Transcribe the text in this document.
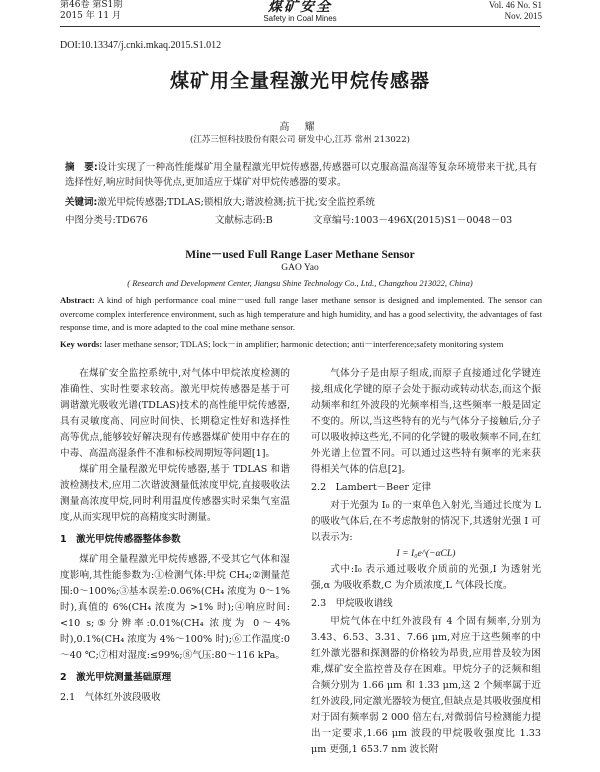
第46卷 第S1期
2015 年 11 月
煤矿安全
Safety in Coal Mines
Vol. 46 No. S1
Nov. 2015
DOI:10.13347/j.cnki.mkaq.2015.S1.012
煤矿用全量程激光甲烷传感器
高 耀
(江苏三恒科技股份有限公司 研发中心,江苏 常州 213022)
摘　要:设计实现了一种高性能煤矿用全量程激光甲烷传感器,传感器可以克服高温高湿等复杂环境带来干扰,具有选择性好,响应时间快等优点,更加适应于煤矿对甲烷传感器的要求。
关键词:激光甲烷传感器;TDLAS;锁相放大;谐波检测;抗干扰;安全监控系统
中图分类号:TD676	文献标志码:B	文章编号:1003－496X(2015)S1－0048－03
Mine－used Full Range Laser Methane Sensor
GAO Yao
( Research and Development Center, Jiangsu Shine Technology Co., Ltd., Changzhou 213022, China)
Abstract: A kind of high performance coal mine－used full range laser methane sensor is designed and implemented. The sensor can overcome complex interference environment, such as high temperature and high humidity, and has a good selectivity, the advantages of fast response time, and is more adapted to the coal mine methane sensor.
Key words: laser methane sensor; TDLAS; lock－in amplifier; harmonic detection; anti－interference;safety monitoring system

在煤矿安全监控系统中,对气体中甲烷浓度检测的准确性、实时性要求较高。激光甲烷传感器是基于可调谐激光吸收光谱(TDLAS)技术的高性能甲烷传感器,具有灵敏度高、同应时间快、长期稳定性好和选择性高等优点,能够较好解决现有传感器煤矿使用中存在的中毒、高温高湿条件不准和标校周期短等问题[1]。

煤矿用全量程激光甲烷传感器,基于 TDLAS 和谐波检测技术,应用二次谐波测量低浓度甲烷,直接吸收法测量高浓度甲烷,同时利用温度传感器实时采集气室温度,从而实现甲烷的高精度实时测量。

1　激光甲烷传感器整体参数

煤矿用全量程激光甲烷传感器,不受其它气体和湿度影响,其性能参数为:①检测气体:甲烷 CH₄;②测量范围:0～100%;③基本误差:0.06%(CH₄ 浓度为 0～1% 时),真值的 6%(CH₄ 浓度为 >1% 时);④响应时间:<10 s;⑤分辨率:0.01%(CH₄ 浓度为 0～4% 时),0.1%(CH₄ 浓度为 4%～100% 时);⑥工作温度:0～40 ℃;⑦相对湿度:≤99%;⑧气压:80～116 kPa。

2　激光甲烷测量基础原理

2.1　气体红外波段吸收

气体分子是由原子组成,而原子直接通过化学键连接,组成化学键的原子会处于振动或转动状态,而这个振动频率和红外波段的光频率相当,这些频率一般是固定不变的。所以,当这些特有的光与气体分子接触后,分子可以吸收掉这些光,不同的化学键的吸收频率不同,在红外光谱上位置不同。可以通过这些特有频率的光来获得相关气体的信息[2]。

2.2　Lambert－Beer 定律

对于光强为 I₀ 的一束单色入射光,当通过长度为 L 的吸收气体后,在不考虑散射的情况下,其透射光强 I 可以表示为:

I = I₀e^(−αCL)

式中:I₀ 表示通过吸收介质前的光强,I 为透射光强,α 为吸收系数,C 为介质浓度,L 气体段长度。

2.3　甲烷吸收谱线

甲烷气体在中红外波段有 4 个固有频率,分别为 3.43、6.53、3.31、7.66 μm,对应于这些频率的中红外激光器和探测器的价格较为昂贵,应用普及较为困难,煤矿安全监控普及存在困难。甲烷分子的泛频和组合频分别为 1.66 μm 和 1.33 μm,这 2 个频率属于近红外波段,同定激光器较为便宜,但缺点是其吸收强度相对于固有频率弱 2 000 倍左右,对微弱信号检测能力提出一定要求,1.66 μm 波段的甲烷吸收强度比 1.33 μm 更强,1 653.7 nm 波长附
